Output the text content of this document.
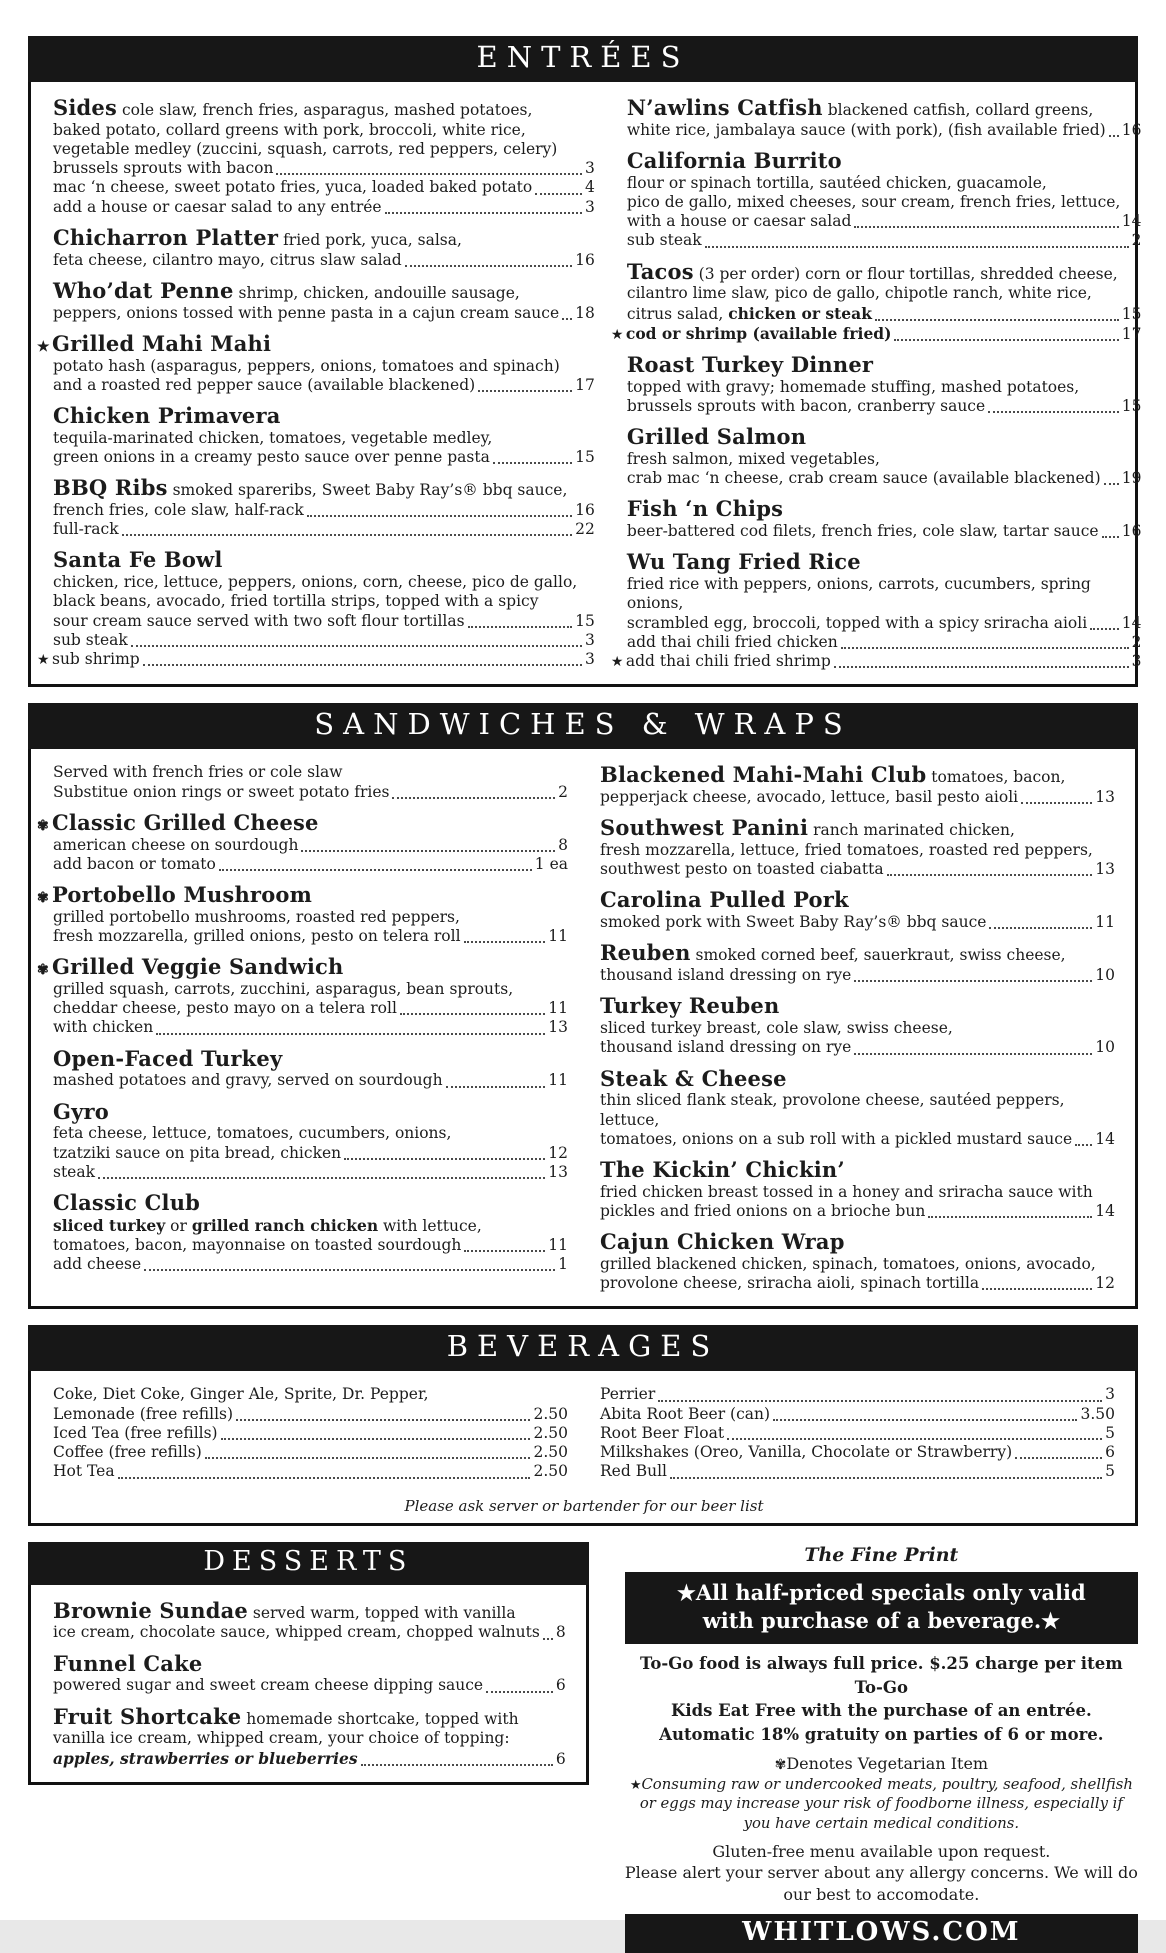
ENTRÉES
Sides cole slaw, french fries, asparagus, mashed potatoes,
baked potato, collard greens with pork, broccoli, white rice,
vegetable medley (zuccini, squash, carrots, red peppers, celery)
brussels sprouts with bacon	3
mac ‘n cheese, sweet potato fries, yuca, loaded baked potato	4
add a house or caesar salad to any entrée	3
Chicharron Platter fried pork, yuca, salsa,
feta cheese, cilantro mayo, citrus slaw salad	16
Who’dat Penne shrimp, chicken, andouille sausage,
peppers, onions tossed with penne pasta in a cajun cream sauce 18
★ Grilled Mahi Mahi
potato hash (asparagus, peppers, onions, tomatoes and spinach)
and a roasted red pepper sauce (available blackened)	17
Chicken Primavera
tequila-marinated chicken, tomatoes, vegetable medley,
green onions in a creamy pesto sauce over penne pasta	15
BBQ Ribs smoked spareribs, Sweet Baby Ray’s® bbq sauce,
french fries, cole slaw, half-rack	16
full-rack	22
Santa Fe Bowl
chicken, rice, lettuce, peppers, onions, corn, cheese, pico de gallo,
black beans, avocado, fried tortilla strips, topped with a spicy
sour cream sauce served with two soft flour tortillas	15
sub steak	3
★ sub shrimp	3
N’awlins Catfish blackened catfish, collard greens,
white rice, jambalaya sauce (with pork), (fish available fried) 16
California Burrito
flour or spinach tortilla, sautéed chicken, guacamole,
pico de gallo, mixed cheeses, sour cream, french fries, lettuce,
with a house or caesar salad	14
sub steak	2
Tacos (3 per order) corn or flour tortillas, shredded cheese,
cilantro lime slaw, pico de gallo, chipotle ranch, white rice,
citrus salad, chicken or steak	15
★ cod or shrimp (available fried)	17
Roast Turkey Dinner
topped with gravy; homemade stuffing, mashed potatoes,
brussels sprouts with bacon, cranberry sauce	15
Grilled Salmon
fresh salmon, mixed vegetables,
crab mac ‘n cheese, crab cream sauce (available blackened) 19
Fish ‘n Chips
beer-battered cod filets, french fries, cole slaw, tartar sauce 16
Wu Tang Fried Rice
fried rice with peppers, onions, carrots, cucumbers, spring onions,
scrambled egg, broccoli, topped with a spicy sriracha aioli 14
add thai chili fried chicken	2
★ add thai chili fried shrimp	3
SANDWICHES & WRAPS
Served with french fries or cole slaw
Substitue onion rings or sweet potato fries	2
✾ Classic Grilled Cheese
american cheese on sourdough	8
add bacon or tomato	1 ea
✾ Portobello Mushroom
grilled portobello mushrooms, roasted red peppers,
fresh mozzarella, grilled onions, pesto on telera roll	11
✾ Grilled Veggie Sandwich
grilled squash, carrots, zucchini, asparagus, bean sprouts,
cheddar cheese, pesto mayo on a telera roll	11
with chicken	13
Open-Faced Turkey
mashed potatoes and gravy, served on sourdough	11
Gyro
feta cheese, lettuce, tomatoes, cucumbers, onions,
tzatziki sauce on pita bread, chicken	12
steak	13
Classic Club
sliced turkey or grilled ranch chicken with lettuce,
tomatoes, bacon, mayonnaise on toasted sourdough	11
add cheese	1
Blackened Mahi-Mahi Club tomatoes, bacon,
pepperjack cheese, avocado, lettuce, basil pesto aioli	13
Southwest Panini ranch marinated chicken,
fresh mozzarella, lettuce, fried tomatoes, roasted red peppers,
southwest pesto on toasted ciabatta	13
Carolina Pulled Pork
smoked pork with Sweet Baby Ray’s® bbq sauce	11
Reuben smoked corned beef, sauerkraut, swiss cheese,
thousand island dressing on rye	10
Turkey Reuben
sliced turkey breast, cole slaw, swiss cheese,
thousand island dressing on rye	10
Steak & Cheese
thin sliced flank steak, provolone cheese, sautéed peppers, lettuce,
tomatoes, onions on a sub roll with a pickled mustard sauce 14
The Kickin’ Chickin’
fried chicken breast tossed in a honey and sriracha sauce with
pickles and fried onions on a brioche bun	14
Cajun Chicken Wrap
grilled blackened chicken, spinach, tomatoes, onions, avocado,
provolone cheese, sriracha aioli, spinach tortilla	12
BEVERAGES
Coke, Diet Coke, Ginger Ale, Sprite, Dr. Pepper,
Lemonade (free refills)	2.50
Iced Tea (free refills)	2.50
Coffee (free refills)	2.50
Hot Tea	2.50
Perrier	3
Abita Root Beer (can)	3.50
Root Beer Float	5
Milkshakes (Oreo, Vanilla, Chocolate or Strawberry)	6
Red Bull	5
Please ask server or bartender for our beer list
DESSERTS
Brownie Sundae served warm, topped with vanilla
ice cream, chocolate sauce, whipped cream, chopped walnuts 8
Funnel Cake
powered sugar and sweet cream cheese dipping sauce	6
Fruit Shortcake homemade shortcake, topped with
vanilla ice cream, whipped cream, your choice of topping:
apples, strawberries or blueberries	6
The Fine Print
★All half-priced specials only valid
with purchase of a beverage.★
To-Go food is always full price. $.25 charge per item To-Go
Kids Eat Free with the purchase of an entrée.
Automatic 18% gratuity on parties of 6 or more.
✾Denotes Vegetarian Item
★Consuming raw or undercooked meats, poultry, seafood, shellfish or eggs may increase your risk of foodborne illness, especially if you have certain medical conditions.
Gluten-free menu available upon request.
Please alert your server about any allergy concerns. We will do our best to accomodate.
WHITLOWS.COM
